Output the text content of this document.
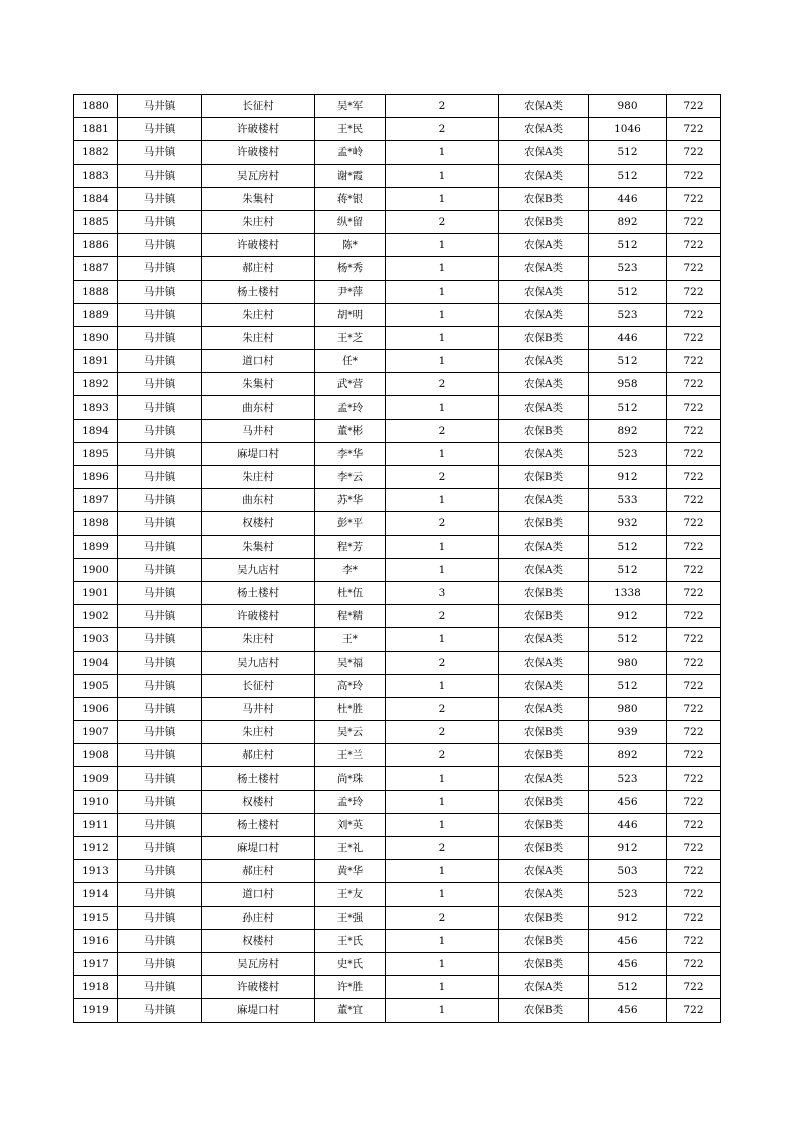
1880	马井镇	长征村	吴*军	2	农保A类	980	722
1881	马井镇	许破楼村	王*民	2	农保A类	1046	722
1882	马井镇	许破楼村	孟*岭	1	农保A类	512	722
1883	马井镇	吴瓦房村	谢*霞	1	农保A类	512	722
1884	马井镇	朱集村	蒋*银	1	农保B类	446	722
1885	马井镇	朱庄村	纵*留	2	农保B类	892	722
1886	马井镇	许破楼村	陈*	1	农保A类	512	722
1887	马井镇	郝庄村	杨*秀	1	农保A类	523	722
1888	马井镇	杨土楼村	尹*萍	1	农保A类	512	722
1889	马井镇	朱庄村	胡*明	1	农保A类	523	722
1890	马井镇	朱庄村	王*芝	1	农保B类	446	722
1891	马井镇	道口村	任*	1	农保A类	512	722
1892	马井镇	朱集村	武*营	2	农保A类	958	722
1893	马井镇	曲东村	孟*玲	1	农保A类	512	722
1894	马井镇	马井村	董*彬	2	农保B类	892	722
1895	马井镇	麻堤口村	李*华	1	农保A类	523	722
1896	马井镇	朱庄村	李*云	2	农保B类	912	722
1897	马井镇	曲东村	苏*华	1	农保A类	533	722
1898	马井镇	权楼村	彭*平	2	农保B类	932	722
1899	马井镇	朱集村	程*芳	1	农保A类	512	722
1900	马井镇	吴九店村	李*	1	农保A类	512	722
1901	马井镇	杨土楼村	杜*伍	3	农保B类	1338	722
1902	马井镇	许破楼村	程*精	2	农保B类	912	722
1903	马井镇	朱庄村	王*	1	农保A类	512	722
1904	马井镇	吴九店村	吴*福	2	农保A类	980	722
1905	马井镇	长征村	高*玲	1	农保A类	512	722
1906	马井镇	马井村	杜*胜	2	农保A类	980	722
1907	马井镇	朱庄村	吴*云	2	农保B类	939	722
1908	马井镇	郝庄村	王*兰	2	农保B类	892	722
1909	马井镇	杨土楼村	尚*珠	1	农保A类	523	722
1910	马井镇	权楼村	孟*玲	1	农保B类	456	722
1911	马井镇	杨土楼村	刘*英	1	农保B类	446	722
1912	马井镇	麻堤口村	王*礼	2	农保B类	912	722
1913	马井镇	郝庄村	黄*华	1	农保A类	503	722
1914	马井镇	道口村	王*友	1	农保A类	523	722
1915	马井镇	孙庄村	王*强	2	农保B类	912	722
1916	马井镇	权楼村	王*氏	1	农保B类	456	722
1917	马井镇	吴瓦房村	史*氏	1	农保B类	456	722
1918	马井镇	许破楼村	许*胜	1	农保A类	512	722
1919	马井镇	麻堤口村	董*宜	1	农保B类	456	722
